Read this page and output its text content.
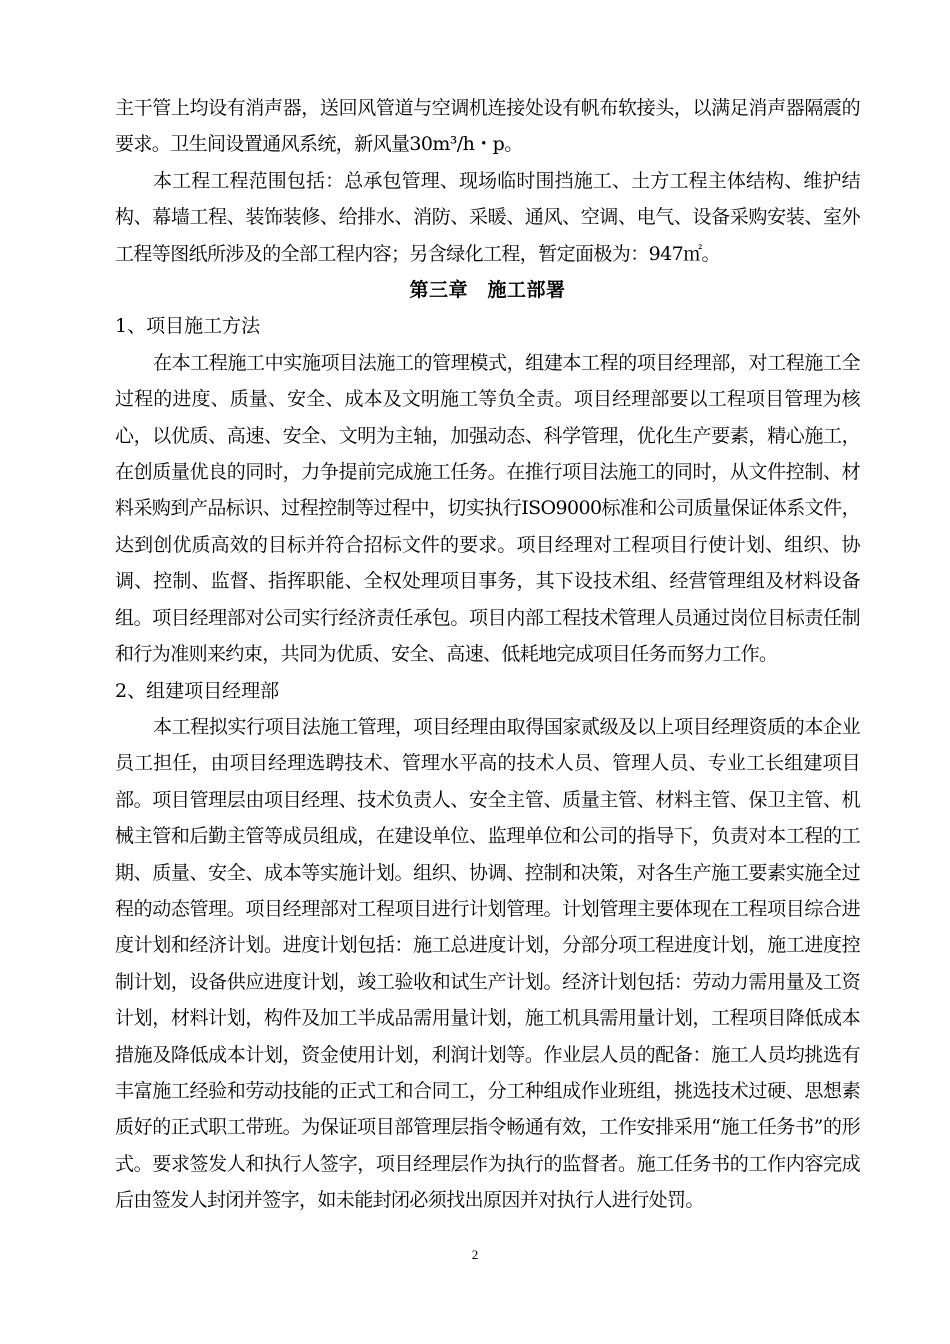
主干管上均设有消声器，送回风管道与空调机连接处设有帆布软接头，以满足消声器隔震的要求。卫生间设置通风系统，新风量30m³/h・p。

本工程工程范围包括：总承包管理、现场临时围挡施工、土方工程主体结构、维护结构、幕墙工程、装饰装修、给排水、消防、采暖、通风、空调、电气、设备采购安装、室外工程等图纸所涉及的全部工程内容；另含绿化工程，暂定面极为：947㎡。

第三章　施工部署

1、项目施工方法

在本工程施工中实施项目法施工的管理模式，组建本工程的项目经理部，对工程施工全过程的进度、质量、安全、成本及文明施工等负全责。项目经理部要以工程项目管理为核心，以优质、高速、安全、文明为主轴，加强动态、科学管理，优化生产要素，精心施工，在创质量优良的同时，力争提前完成施工任务。在推行项目法施工的同时，从文件控制、材料采购到产品标识、过程控制等过程中，切实执行ISO9000标准和公司质量保证体系文件，达到创优质高效的目标并符合招标文件的要求。项目经理对工程项目行使计划、组织、协调、控制、监督、指挥职能、全权处理项目事务，其下设技术组、经营管理组及材料设备组。项目经理部对公司实行经济责任承包。项目内部工程技术管理人员通过岗位目标责任制和行为准则来约束，共同为优质、安全、高速、低耗地完成项目任务而努力工作。

2、组建项目经理部

本工程拟实行项目法施工管理，项目经理由取得国家贰级及以上项目经理资质的本企业员工担任，由项目经理选聘技术、管理水平高的技术人员、管理人员、专业工长组建项目部。项目管理层由项目经理、技术负责人、安全主管、质量主管、材料主管、保卫主管、机械主管和后勤主管等成员组成，在建设单位、监理单位和公司的指导下，负责对本工程的工期、质量、安全、成本等实施计划。组织、协调、控制和决策，对各生产施工要素实施全过程的动态管理。项目经理部对工程项目进行计划管理。计划管理主要体现在工程项目综合进度计划和经济计划。进度计划包括：施工总进度计划，分部分项工程进度计划，施工进度控制计划，设备供应进度计划，竣工验收和试生产计划。经济计划包括：劳动力需用量及工资计划，材料计划，构件及加工半成品需用量计划，施工机具需用量计划，工程项目降低成本措施及降低成本计划，资金使用计划，利润计划等。作业层人员的配备：施工人员均挑选有丰富施工经验和劳动技能的正式工和合同工，分工种组成作业班组，挑选技术过硬、思想素质好的正式职工带班。为保证项目部管理层指令畅通有效，工作安排采用“施工任务书”的形式。要求签发人和执行人签字，项目经理层作为执行的监督者。施工任务书的工作内容完成后由签发人封闭并签字，如未能封闭必须找出原因并对执行人进行处罚。

2
